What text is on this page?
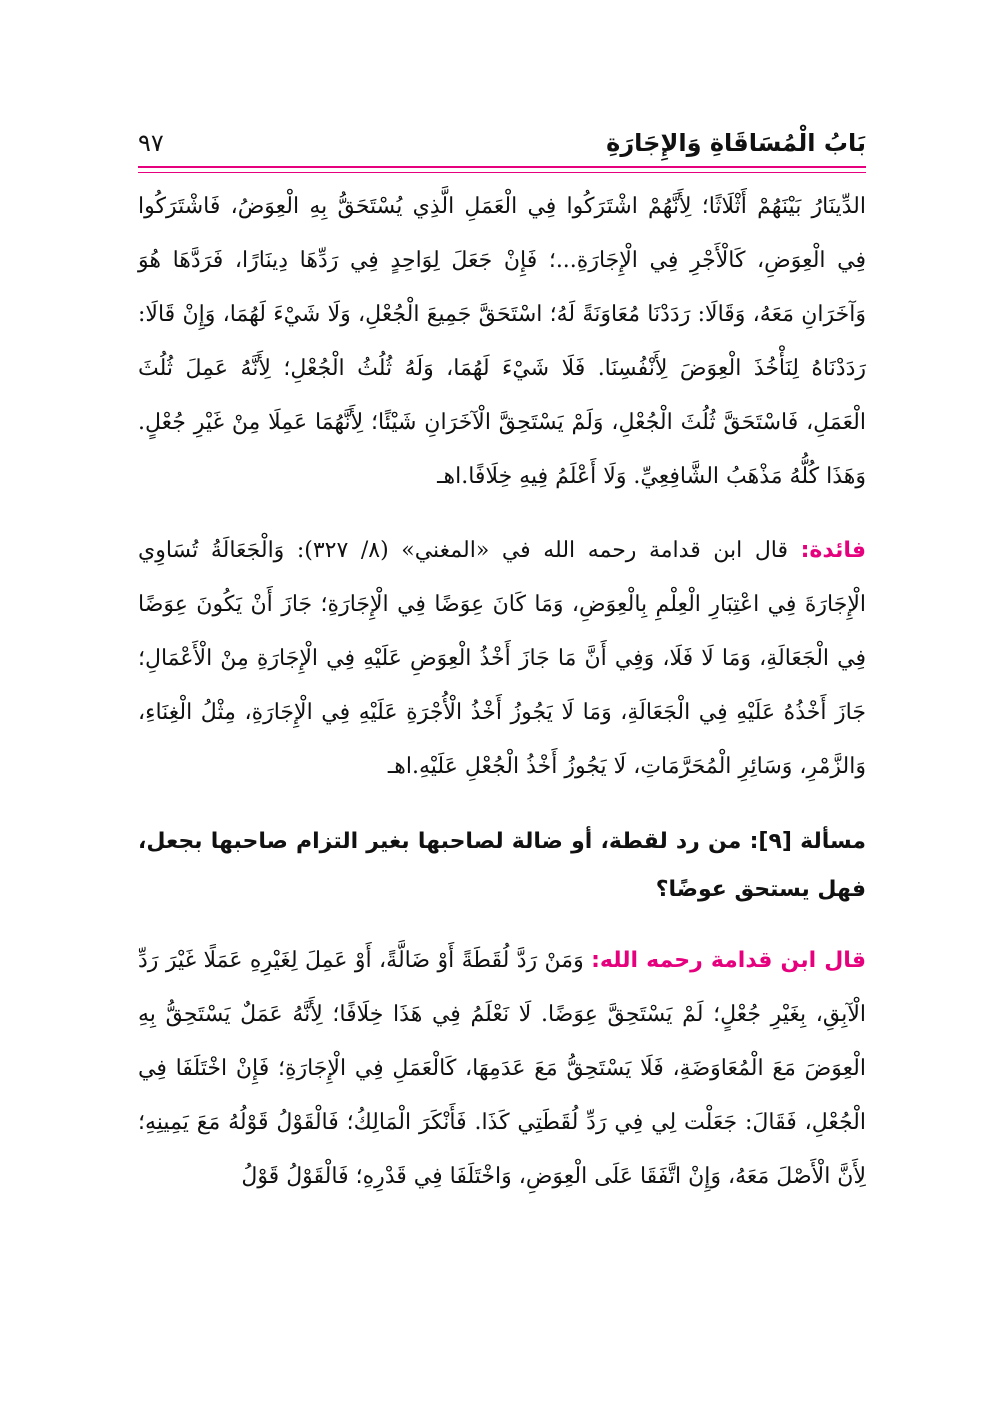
بَابُ الْمُسَاقَاةِ وَالإِجَارَةِ
٩٧

الدِّينَارُ بَيْنَهُمْ أَثْلَاثًا؛ لِأَنَّهُمْ اشْتَرَكُوا فِي الْعَمَلِ الَّذِي يُسْتَحَقُّ بِهِ الْعِوَضُ، فَاشْتَرَكُوا فِي الْعِوَضِ، كَالْأَجْرِ فِي الْإِجَارَةِ...؛ فَإِنْ جَعَلَ لِوَاحِدٍ فِي رَدِّهَا دِينَارًا، فَرَدَّهَا هُوَ وَآخَرَانِ مَعَهُ، وَقَالَا: رَدَدْنَا مُعَاوَنَةً لَهُ؛ اسْتَحَقَّ جَمِيعَ الْجُعْلِ، وَلَا شَيْءَ لَهُمَا، وَإِنْ قَالَا: رَدَدْنَاهُ لِنَأْخُذَ الْعِوَضَ لِأَنْفُسِنَا. فَلَا شَيْءَ لَهُمَا، وَلَهُ ثُلُثُ الْجُعْلِ؛ لِأَنَّهُ عَمِلَ ثُلُثَ الْعَمَلِ، فَاسْتَحَقَّ ثُلُثَ الْجُعْلِ، وَلَمْ يَسْتَحِقَّ الْآخَرَانِ شَيْئًا؛ لِأَنَّهُمَا عَمِلَا مِنْ غَيْرِ جُعْلٍ. وَهَذَا كُلُّهُ مَذْهَبُ الشَّافِعِيِّ. وَلَا أَعْلَمُ فِيهِ خِلَافًا.اهـ

فائدة: قال ابن قدامة رحمه الله في «المغني» (٨/ ٣٢٧): وَالْجَعَالَةُ تُسَاوِي الْإِجَارَةَ فِي اعْتِبَارِ الْعِلْمِ بِالْعِوَضِ، وَمَا كَانَ عِوَضًا فِي الْإِجَارَةِ؛ جَازَ أَنْ يَكُونَ عِوَضًا فِي الْجَعَالَةِ، وَمَا لَا فَلَا، وَفِي أَنَّ مَا جَازَ أَخْذُ الْعِوَضِ عَلَيْهِ فِي الْإِجَارَةِ مِنْ الْأَعْمَالِ؛ جَازَ أَخْذُهُ عَلَيْهِ فِي الْجَعَالَةِ، وَمَا لَا يَجُوزُ أَخْذُ الْأُجْرَةِ عَلَيْهِ فِي الْإِجَارَةِ، مِثْلُ الْغِنَاءِ، وَالزَّمْرِ، وَسَائِرِ الْمُحَرَّمَاتِ، لَا يَجُوزُ أَخْذُ الْجُعْلِ عَلَيْهِ.اهـ

مسألة [٩]: من رد لقطة، أو ضالة لصاحبها بغير التزام صاحبها بجعل، فهل يستحق عوضًا؟

قال ابن قدامة رحمه الله: وَمَنْ رَدَّ لُقَطَةً أَوْ ضَالَّةً، أَوْ عَمِلَ لِغَيْرِهِ عَمَلًا غَيْرَ رَدِّ الْآبِقِ، بِغَيْرِ جُعْلٍ؛ لَمْ يَسْتَحِقَّ عِوَضًا. لَا نَعْلَمُ فِي هَذَا خِلَافًا؛ لِأَنَّهُ عَمَلٌ يَسْتَحِقُّ بِهِ الْعِوَضَ مَعَ الْمُعَاوَضَةِ، فَلَا يَسْتَحِقُّ مَعَ عَدَمِهَا، كَالْعَمَلِ فِي الْإِجَارَةِ؛ فَإِنْ اخْتَلَفَا فِي الْجُعْلِ، فَقَالَ: جَعَلْت لِي فِي رَدِّ لُقَطَتِي كَذَا. فَأَنْكَرَ الْمَالِكُ؛ فَالْقَوْلُ قَوْلُهُ مَعَ يَمِينِهِ؛ لِأَنَّ الْأَصْلَ مَعَهُ، وَإِنْ اتَّفَقَا عَلَى الْعِوَضِ، وَاخْتَلَفَا فِي قَدْرِهِ؛ فَالْقَوْلُ قَوْلُ
